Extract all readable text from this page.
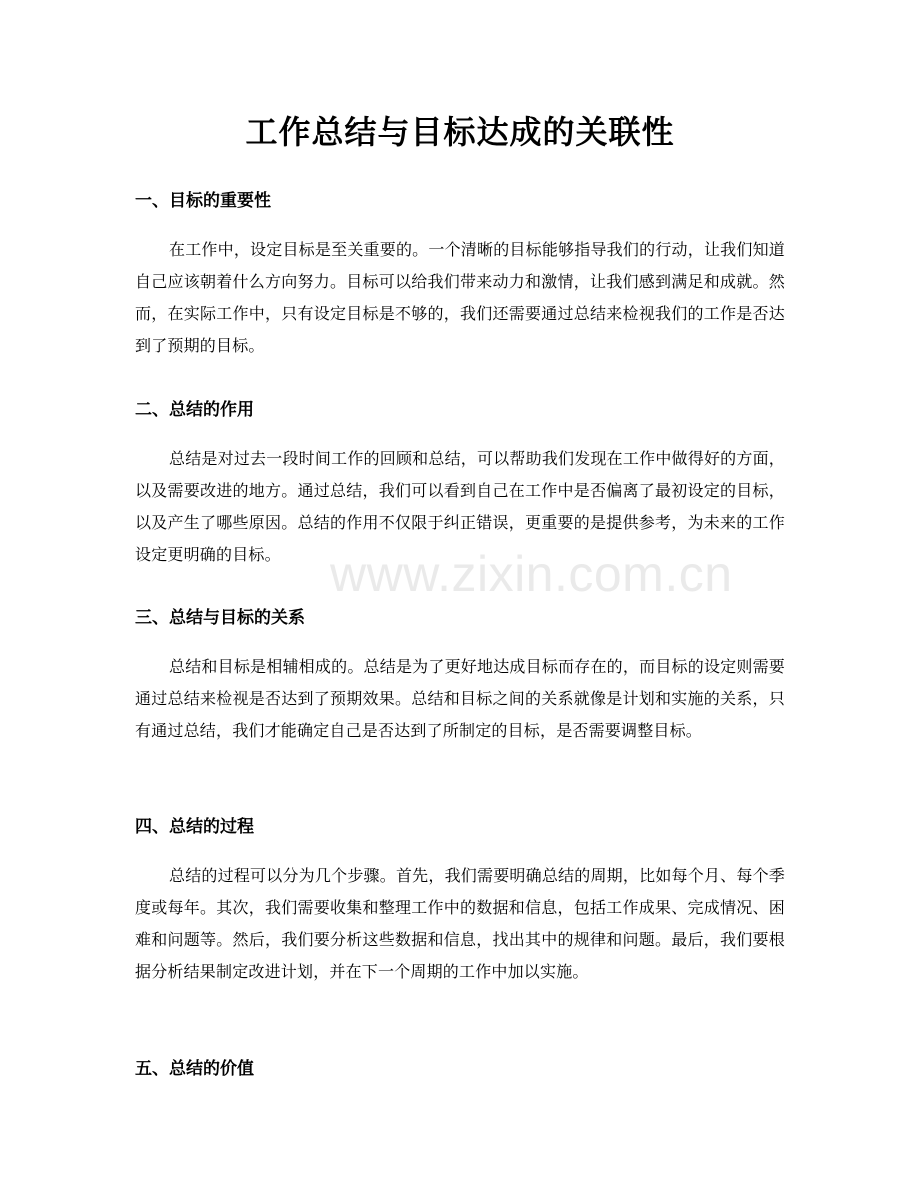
工作总结与目标达成的关联性
一、目标的重要性

在工作中，设定目标是至关重要的。一个清晰的目标能够指导我们的行动，让我们知道自己应该朝着什么方向努力。目标可以给我们带来动力和激情，让我们感到满足和成就。然而，在实际工作中，只有设定目标是不够的，我们还需要通过总结来检视我们的工作是否达到了预期的目标。

二、总结的作用

总结是对过去一段时间工作的回顾和总结，可以帮助我们发现在工作中做得好的方面，以及需要改进的地方。通过总结，我们可以看到自己在工作中是否偏离了最初设定的目标，以及产生了哪些原因。总结的作用不仅限于纠正错误，更重要的是提供参考，为未来的工作设定更明确的目标。

三、总结与目标的关系

总结和目标是相辅相成的。总结是为了更好地达成目标而存在的，而目标的设定则需要通过总结来检视是否达到了预期效果。总结和目标之间的关系就像是计划和实施的关系，只有通过总结，我们才能确定自己是否达到了所制定的目标，是否需要调整目标。

四、总结的过程

总结的过程可以分为几个步骤。首先，我们需要明确总结的周期，比如每个月、每个季度或每年。其次，我们需要收集和整理工作中的数据和信息，包括工作成果、完成情况、困难和问题等。然后，我们要分析这些数据和信息，找出其中的规律和问题。最后，我们要根据分析结果制定改进计划，并在下一个周期的工作中加以实施。

五、总结的价值
www.zixin.com.cn
